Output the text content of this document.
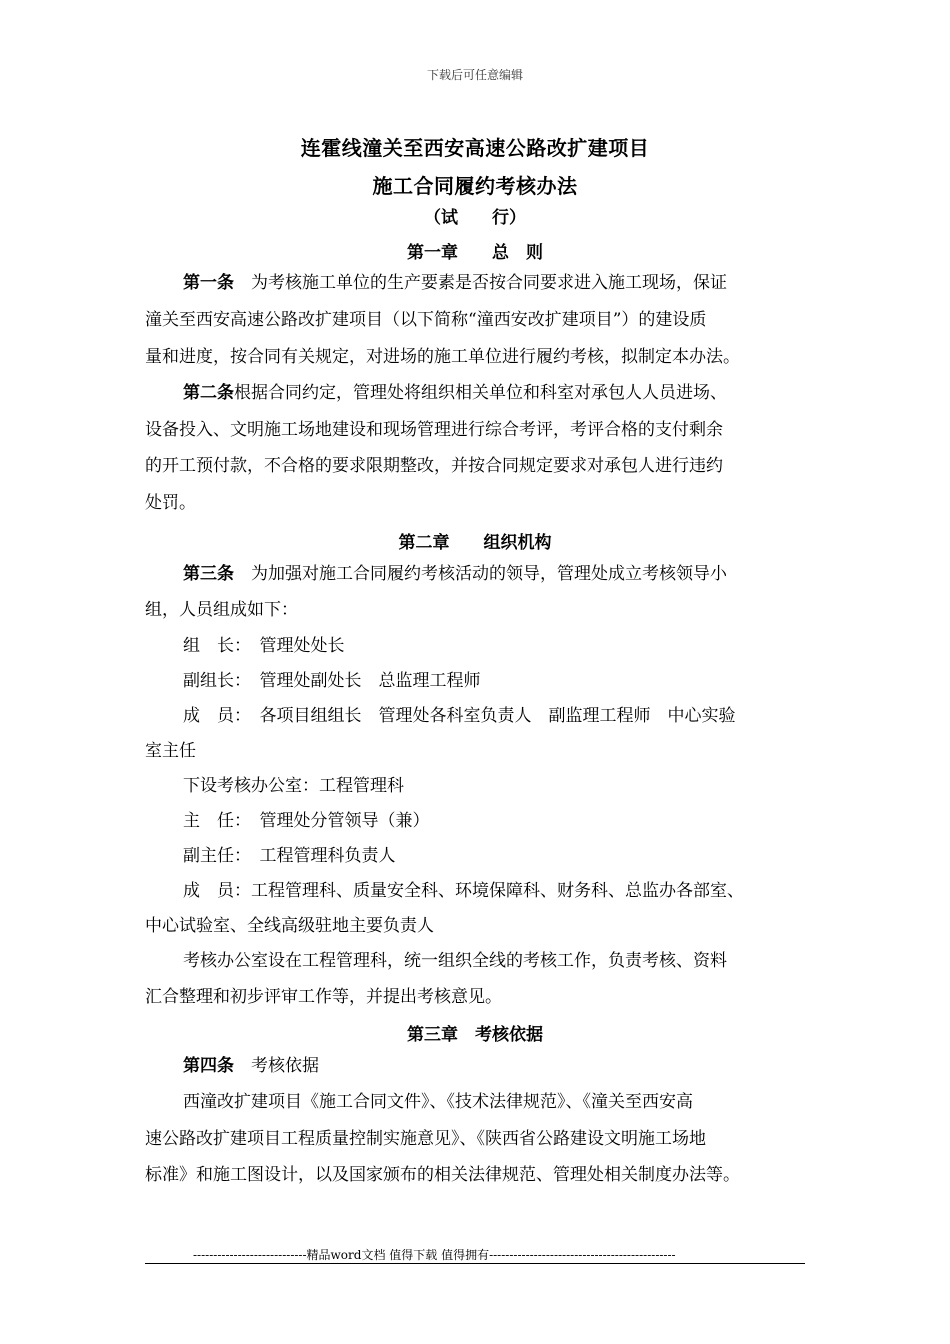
下载后可任意编辑
连霍线潼关至西安高速公路改扩建项目
施工合同履约考核办法
（试　　行）
第一章　　总　则
第一条　为考核施工单位的生产要素是否按合同要求进入施工现场，保证
潼关至西安高速公路改扩建项目（以下简称“潼西安改扩建项目”）的建设质
量和进度，按合同有关规定，对进场的施工单位进行履约考核，拟制定本办法。
第二条根据合同约定，管理处将组织相关单位和科室对承包人人员进场、
设备投入、文明施工场地建设和现场管理进行综合考评，考评合格的支付剩余
的开工预付款，不合格的要求限期整改，并按合同规定要求对承包人进行违约
处罚。
第二章　　组织机构
第三条　为加强对施工合同履约考核活动的领导，管理处成立考核领导小
组，人员组成如下：
组　长：　管理处处长
副组长：　管理处副处长　总监理工程师
成　员：　各项目组组长　管理处各科室负责人　副监理工程师　中心实验
室主任
下设考核办公室：工程管理科
主　任：　管理处分管领导（兼）
副主任：　工程管理科负责人
成　员：工程管理科、质量安全科、环境保障科、财务科、总监办各部室、
中心试验室、全线高级驻地主要负责人
考核办公室设在工程管理科，统一组织全线的考核工作，负责考核、资料
汇合整理和初步评审工作等，并提出考核意见。
第三章　考核依据
第四条　考核依据
西潼改扩建项目《施工合同文件》、《技术法律规范》、《潼关至西安高
速公路改扩建项目工程质量控制实施意见》、《陕西省公路建设文明施工场地
标准》和施工图设计，以及国家颁布的相关法律规范、管理处相关制度办法等。
----------------------------精品word文档 值得下载 值得拥有----------------------------------------------
